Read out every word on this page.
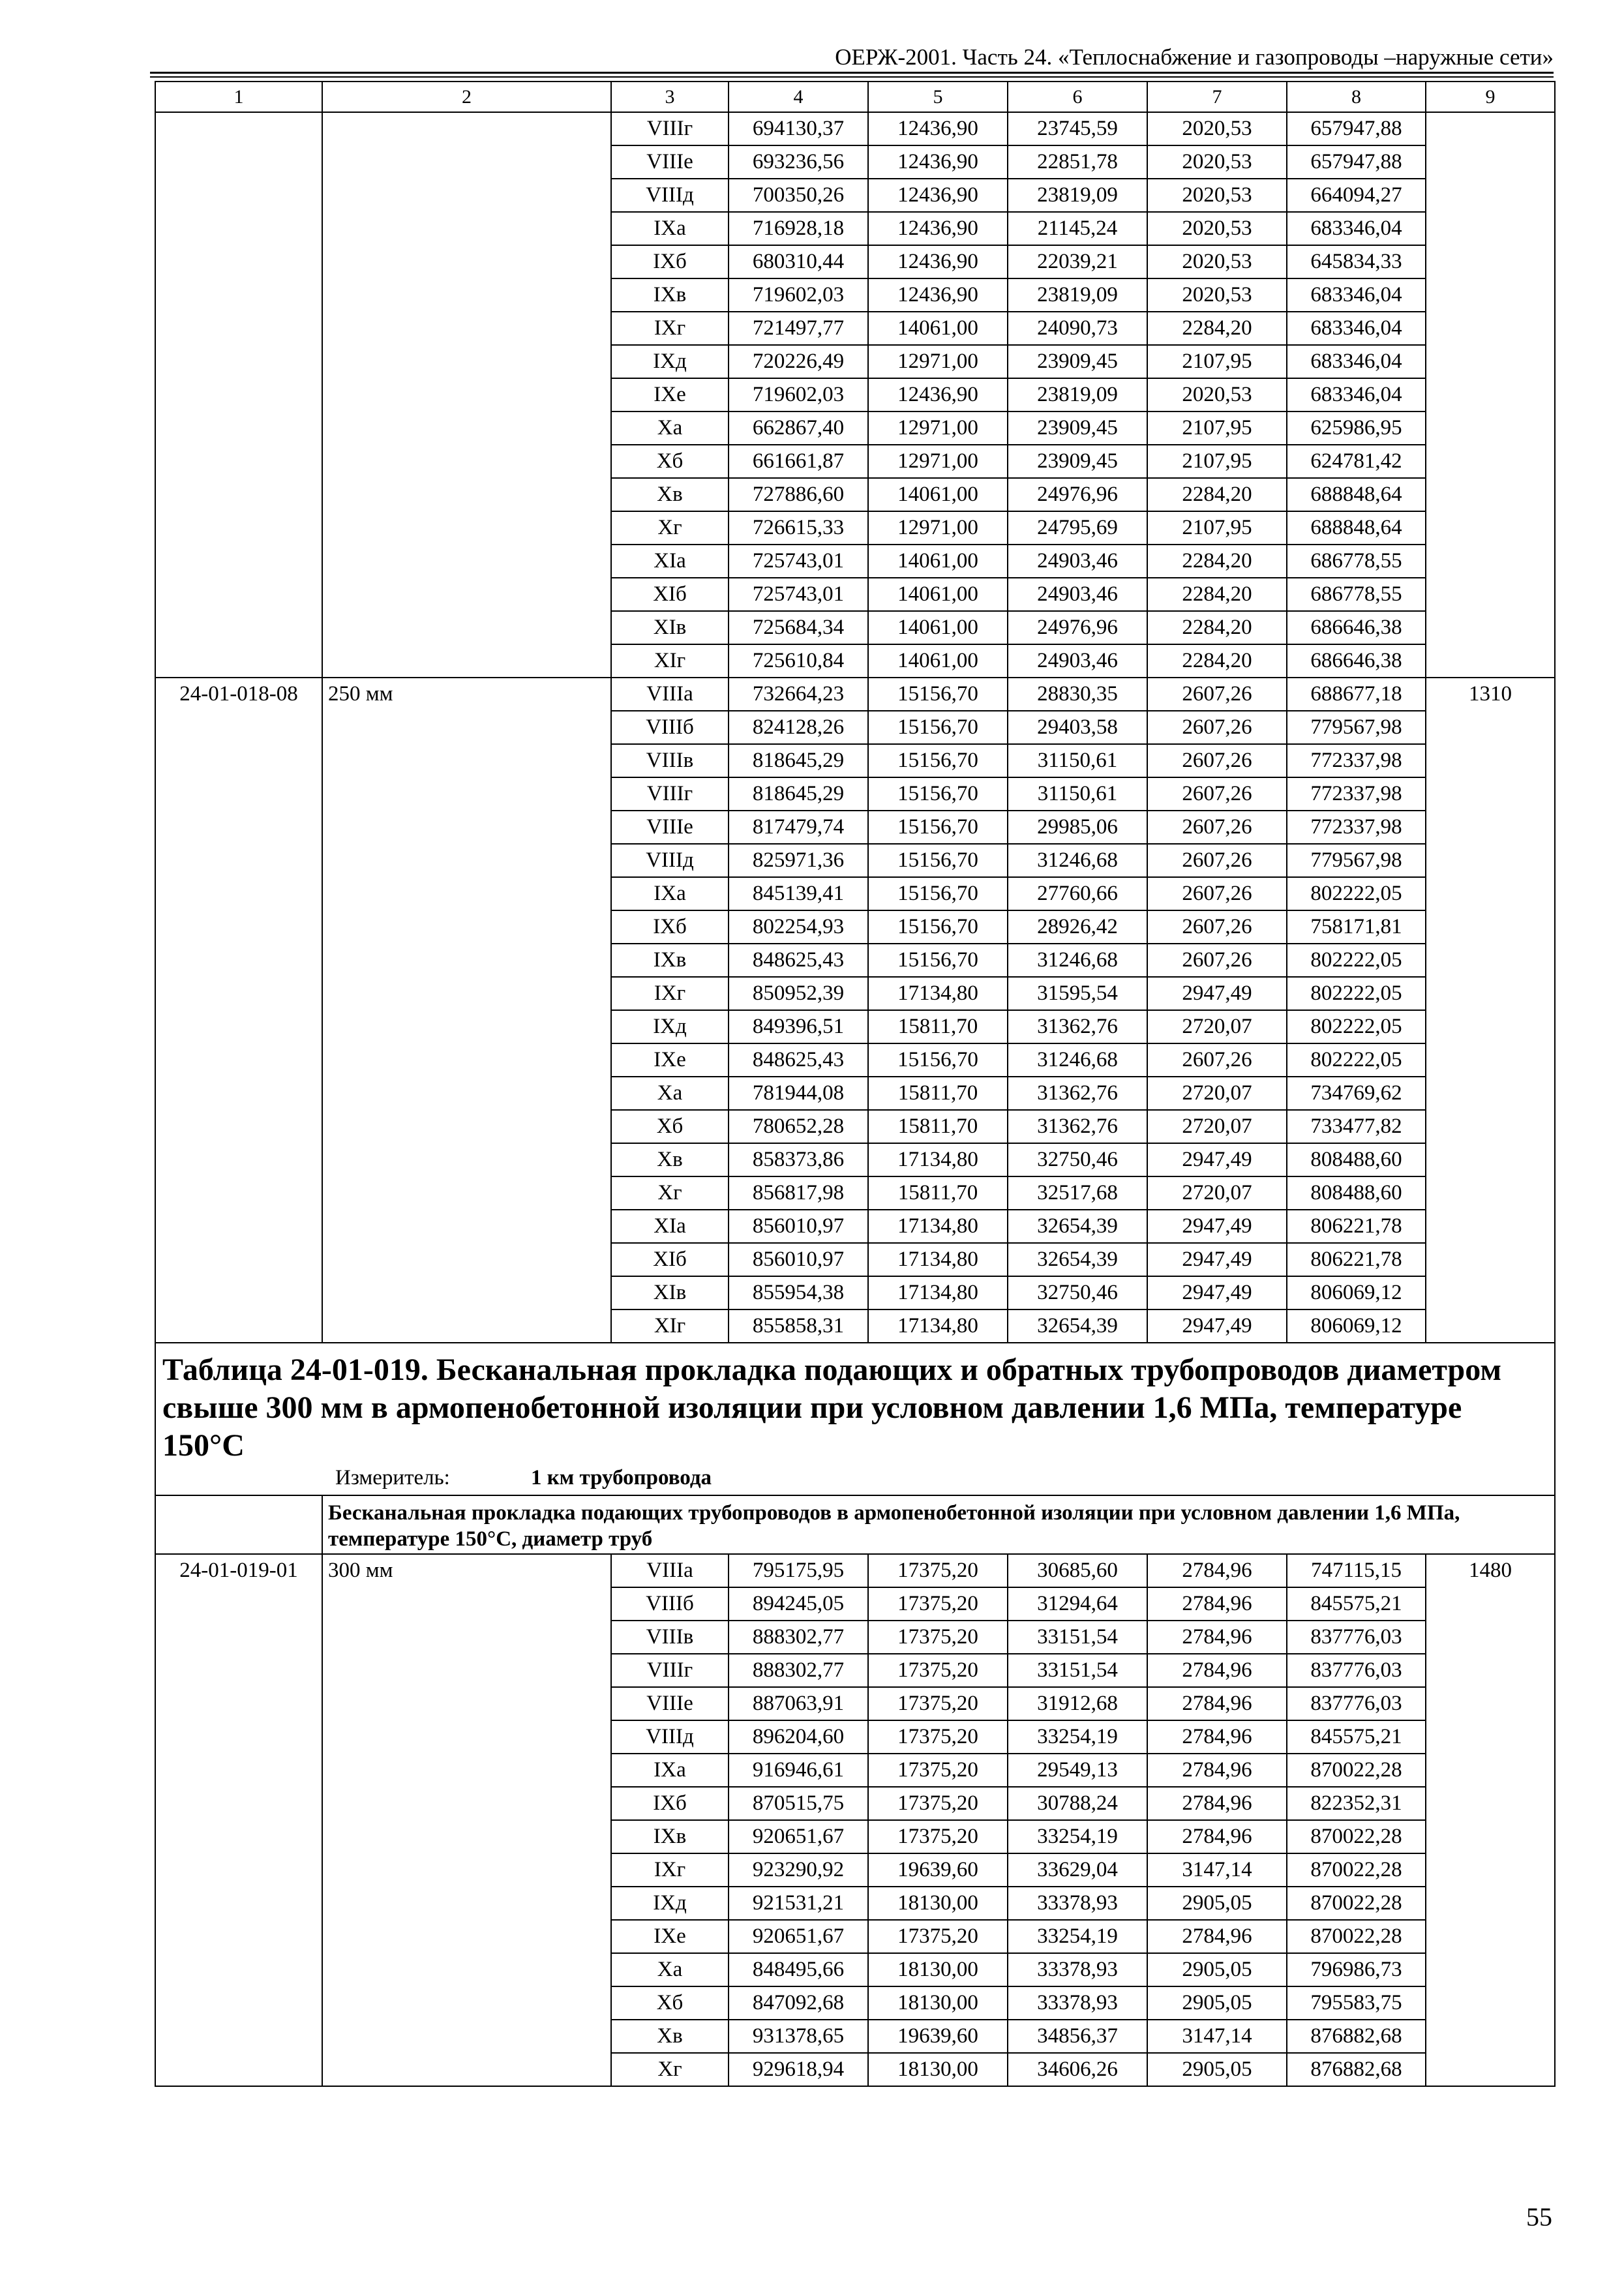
ОЕРЖ-2001. Часть 24. «Теплоснабжение и газопроводы –наружные сети»
1	2	3	4	5	6	7	8	9
		VIIIг	694130,37	12436,90	23745,59	2020,53	657947,88	
		VIIIе	693236,56	12436,90	22851,78	2020,53	657947,88	
		VIIIд	700350,26	12436,90	23819,09	2020,53	664094,27	
		IXа	716928,18	12436,90	21145,24	2020,53	683346,04	
		IXб	680310,44	12436,90	22039,21	2020,53	645834,33	
		IXв	719602,03	12436,90	23819,09	2020,53	683346,04	
		IXг	721497,77	14061,00	24090,73	2284,20	683346,04	
		IXд	720226,49	12971,00	23909,45	2107,95	683346,04	
		IXе	719602,03	12436,90	23819,09	2020,53	683346,04	
		Xа	662867,40	12971,00	23909,45	2107,95	625986,95	
		Xб	661661,87	12971,00	23909,45	2107,95	624781,42	
		Xв	727886,60	14061,00	24976,96	2284,20	688848,64	
		Xг	726615,33	12971,00	24795,69	2107,95	688848,64	
		XIа	725743,01	14061,00	24903,46	2284,20	686778,55	
		XIб	725743,01	14061,00	24903,46	2284,20	686778,55	
		XIв	725684,34	14061,00	24976,96	2284,20	686646,38	
		XIг	725610,84	14061,00	24903,46	2284,20	686646,38	
24-01-018-08	250 мм	VIIIа	732664,23	15156,70	28830,35	2607,26	688677,18	1310
		VIIIб	824128,26	15156,70	29403,58	2607,26	779567,98	
		VIIIв	818645,29	15156,70	31150,61	2607,26	772337,98	
		VIIIг	818645,29	15156,70	31150,61	2607,26	772337,98	
		VIIIе	817479,74	15156,70	29985,06	2607,26	772337,98	
		VIIIд	825971,36	15156,70	31246,68	2607,26	779567,98	
		IXа	845139,41	15156,70	27760,66	2607,26	802222,05	
		IXб	802254,93	15156,70	28926,42	2607,26	758171,81	
		IXв	848625,43	15156,70	31246,68	2607,26	802222,05	
		IXг	850952,39	17134,80	31595,54	2947,49	802222,05	
		IXд	849396,51	15811,70	31362,76	2720,07	802222,05	
		IXе	848625,43	15156,70	31246,68	2607,26	802222,05	
		Xа	781944,08	15811,70	31362,76	2720,07	734769,62	
		Xб	780652,28	15811,70	31362,76	2720,07	733477,82	
		Xв	858373,86	17134,80	32750,46	2947,49	808488,60	
		Xг	856817,98	15811,70	32517,68	2720,07	808488,60	
		XIа	856010,97	17134,80	32654,39	2947,49	806221,78	
		XIб	856010,97	17134,80	32654,39	2947,49	806221,78	
		XIв	855954,38	17134,80	32750,46	2947,49	806069,12	
		XIг	855858,31	17134,80	32654,39	2947,49	806069,12	

Таблица 24-01-019. Бесканальная прокладка подающих и обратных трубопроводов диаметром свыше 300 мм в армопенобетонной изоляции при условном давлении 1,6 МПа, температуре 150°С
Измеритель: 1 км трубопровода								

	Бесканальная прокладка подающих трубопроводов в армопенобетонной изоляции при условном давлении 1,6 МПа, температуре 150°С, диаметр труб							
24-01-019-01	300 мм	VIIIа	795175,95	17375,20	30685,60	2784,96	747115,15	1480
		VIIIб	894245,05	17375,20	31294,64	2784,96	845575,21	
		VIIIв	888302,77	17375,20	33151,54	2784,96	837776,03	
		VIIIг	888302,77	17375,20	33151,54	2784,96	837776,03	
		VIIIе	887063,91	17375,20	31912,68	2784,96	837776,03	
		VIIIд	896204,60	17375,20	33254,19	2784,96	845575,21	
		IXа	916946,61	17375,20	29549,13	2784,96	870022,28	
		IXб	870515,75	17375,20	30788,24	2784,96	822352,31	
		IXв	920651,67	17375,20	33254,19	2784,96	870022,28	
		IXг	923290,92	19639,60	33629,04	3147,14	870022,28	
		IXд	921531,21	18130,00	33378,93	2905,05	870022,28	
		IXе	920651,67	17375,20	33254,19	2784,96	870022,28	
		Xа	848495,66	18130,00	33378,93	2905,05	796986,73	
		Xб	847092,68	18130,00	33378,93	2905,05	795583,75	
		Xв	931378,65	19639,60	34856,37	3147,14	876882,68	
		Xг	929618,94	18130,00	34606,26	2905,05	876882,68	
55
